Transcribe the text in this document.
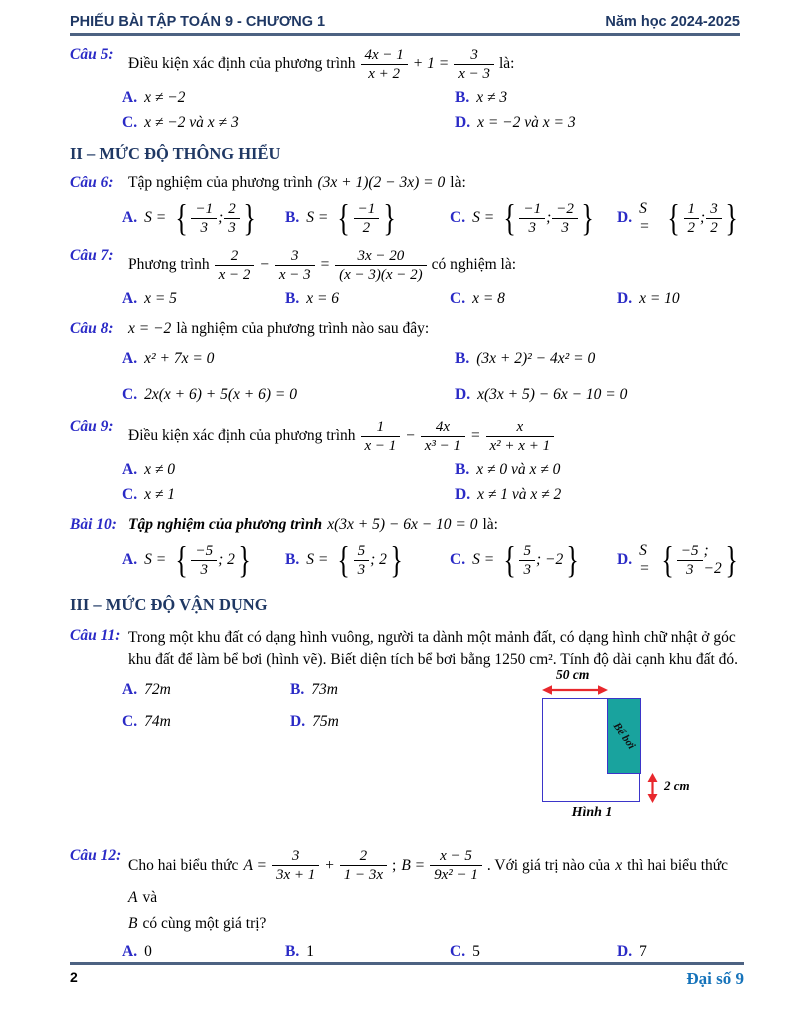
PHIẾU BÀI TẬP TOÁN 9 - CHƯƠNG 1	Năm học 2024-2025
Câu 5:
Điều kiện xác định của phương trình $\frac{4x - 1}{x + 2} + 1 = \frac{3}{x - 3}$ là:
A. x ≠ −2	B. x ≠ 3
C. x ≠ −2 và x ≠ 3	D. x = −2 và x = 3
II – MỨC ĐỘ THÔNG HIỂU
Câu 6: Tập nghiệm của phương trình (3x + 1)(2 − 3x) = 0 là:
A. S = { $\frac{-1}{3}$ ; $\frac{2}{3}$ } B. S = { $\frac{-1}{2}$ }	C. S = { $\frac{-1}{3}$ ; $\frac{-2}{3}$ } D.
S = { $\frac{1}{2}$ ; $\frac{3}{2}$ }
Câu 7:
Phương trình $\frac{2}{x - 2} - \frac{3}{x - 3} = \frac{3x - 20}{(x - 3)(x - 2)}$ có nghiệm là:
A. x = 5	B. x = 6	C. x = 8	D. x = 10
Câu 8: x = −2 là nghiệm của phương trình nào sau đây:
A. x² + 7x = 0	B. (3x + 2)² − 4x² = 0
C. 2x(x + 6) + 5(x + 6) = 0	D. x(3x + 5) − 6x − 10 = 0
Câu 9:
Điều kiện xác định của phương trình $\frac{1}{x - 1} - \frac{4x}{\text{x³ − 1}} = \frac{x}{\text{x² + x + 1}}$
A. x ≠ 0	B. x ≠ 0 và x ≠ 0
C. x ≠ 1	D. x ≠ 1 và x ≠ 2
Bài 10: Tập nghiệm của phương trình x(3x + 5) − 6x − 10 = 0 là:
A. S = { $\frac{-5}{3}$ ; 2 } B. S = { $\frac{5}{3}$ ; 2 }	C. S = { $\frac{5}{3}$ ; −2 } D.
S = { $\frac{-5}{3}$ ; −2 }
III – MỨC ĐỘ VẬN DỤNG
Câu 11: Trong một khu đất có dạng hình vuông, người ta dành một mảnh đất, có dạng hình chữ nhật ở góc khu đất để làm bể bơi (hình vẽ). Biết diện tích bể bơi bằng 1250 cm². Tính độ dài cạnh khu đất đó.
A. 72m	B. 73m
C. 74m	D. 75m
50 cm
Bể bơi
2 cm
Hình 1
Câu 12:
Cho hai biểu thức $A = \frac{3}{3x + 1} + \frac{2}{1 - 3x}$ ; $B = \frac{x - 5}{\text{9x² − 1}}$ . Với giá trị nào của x thì hai biểu thức
A và
B có cùng một giá trị?
A. 0	B. 1	C. 5	D. 7
2	Đại số 9
